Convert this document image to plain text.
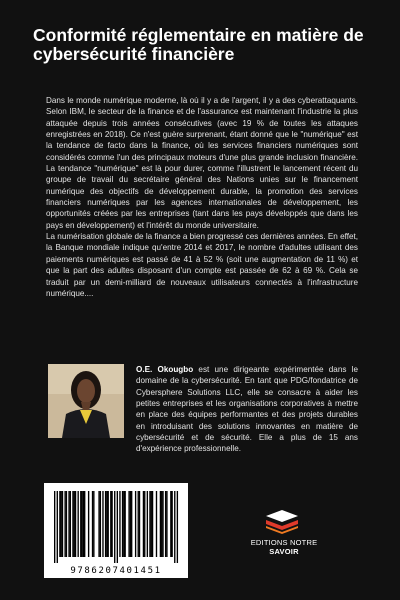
Conformité réglementaire en matière de cybersécurité financière

Dans le monde numérique moderne, là où il y a de l'argent, il y a des cyberattaquants. Selon IBM, le secteur de la finance et de l'assurance est maintenant l'industrie la plus attaquée depuis trois années consécutives (avec 19 % de toutes les attaques enregistrées en 2018). Ce n'est guère surprenant, étant donné que le "numérique" est la tendance de facto dans la finance, où les services financiers numériques sont considérés comme l'un des principaux moteurs d'une plus grande inclusion financière. La tendance "numérique" est là pour durer, comme l'illustrent le lancement récent du groupe de travail du secrétaire général des Nations unies sur le financement numérique des objectifs de développement durable, la promotion des services financiers numériques par les agences internationales de développement, les opportunités créées par les entreprises (tant dans les pays développés que dans les pays en développement) et l'intérêt du monde universitaire.

La numérisation globale de la finance a bien progressé ces dernières années. En effet, la Banque mondiale indique qu'entre 2014 et 2017, le nombre d'adultes utilisant des paiements numériques est passé de 41 à 52 % (soit une augmentation de 11 %) et que la part des adultes disposant d'un compte est passée de 62 à 69 %. Cela se traduit par un demi-milliard de nouveaux utilisateurs connectés à l'infrastructure numérique....

O.E. Okougbo est une dirigeante expérimentée dans le domaine de la cybersécurité. En tant que PDG/fondatrice de Cybersphere Solutions LLC, elle se consacre à aider les petites entreprises et les organisations corporatives à mettre en place des équipes performantes et des projets durables en introduisant des solutions innovantes en matière de cybersécurité et de sécurité. Elle a plus de 15 ans d'expérience professionnelle.

9786207401451
EDITIONS NOTRE SAVOIR
